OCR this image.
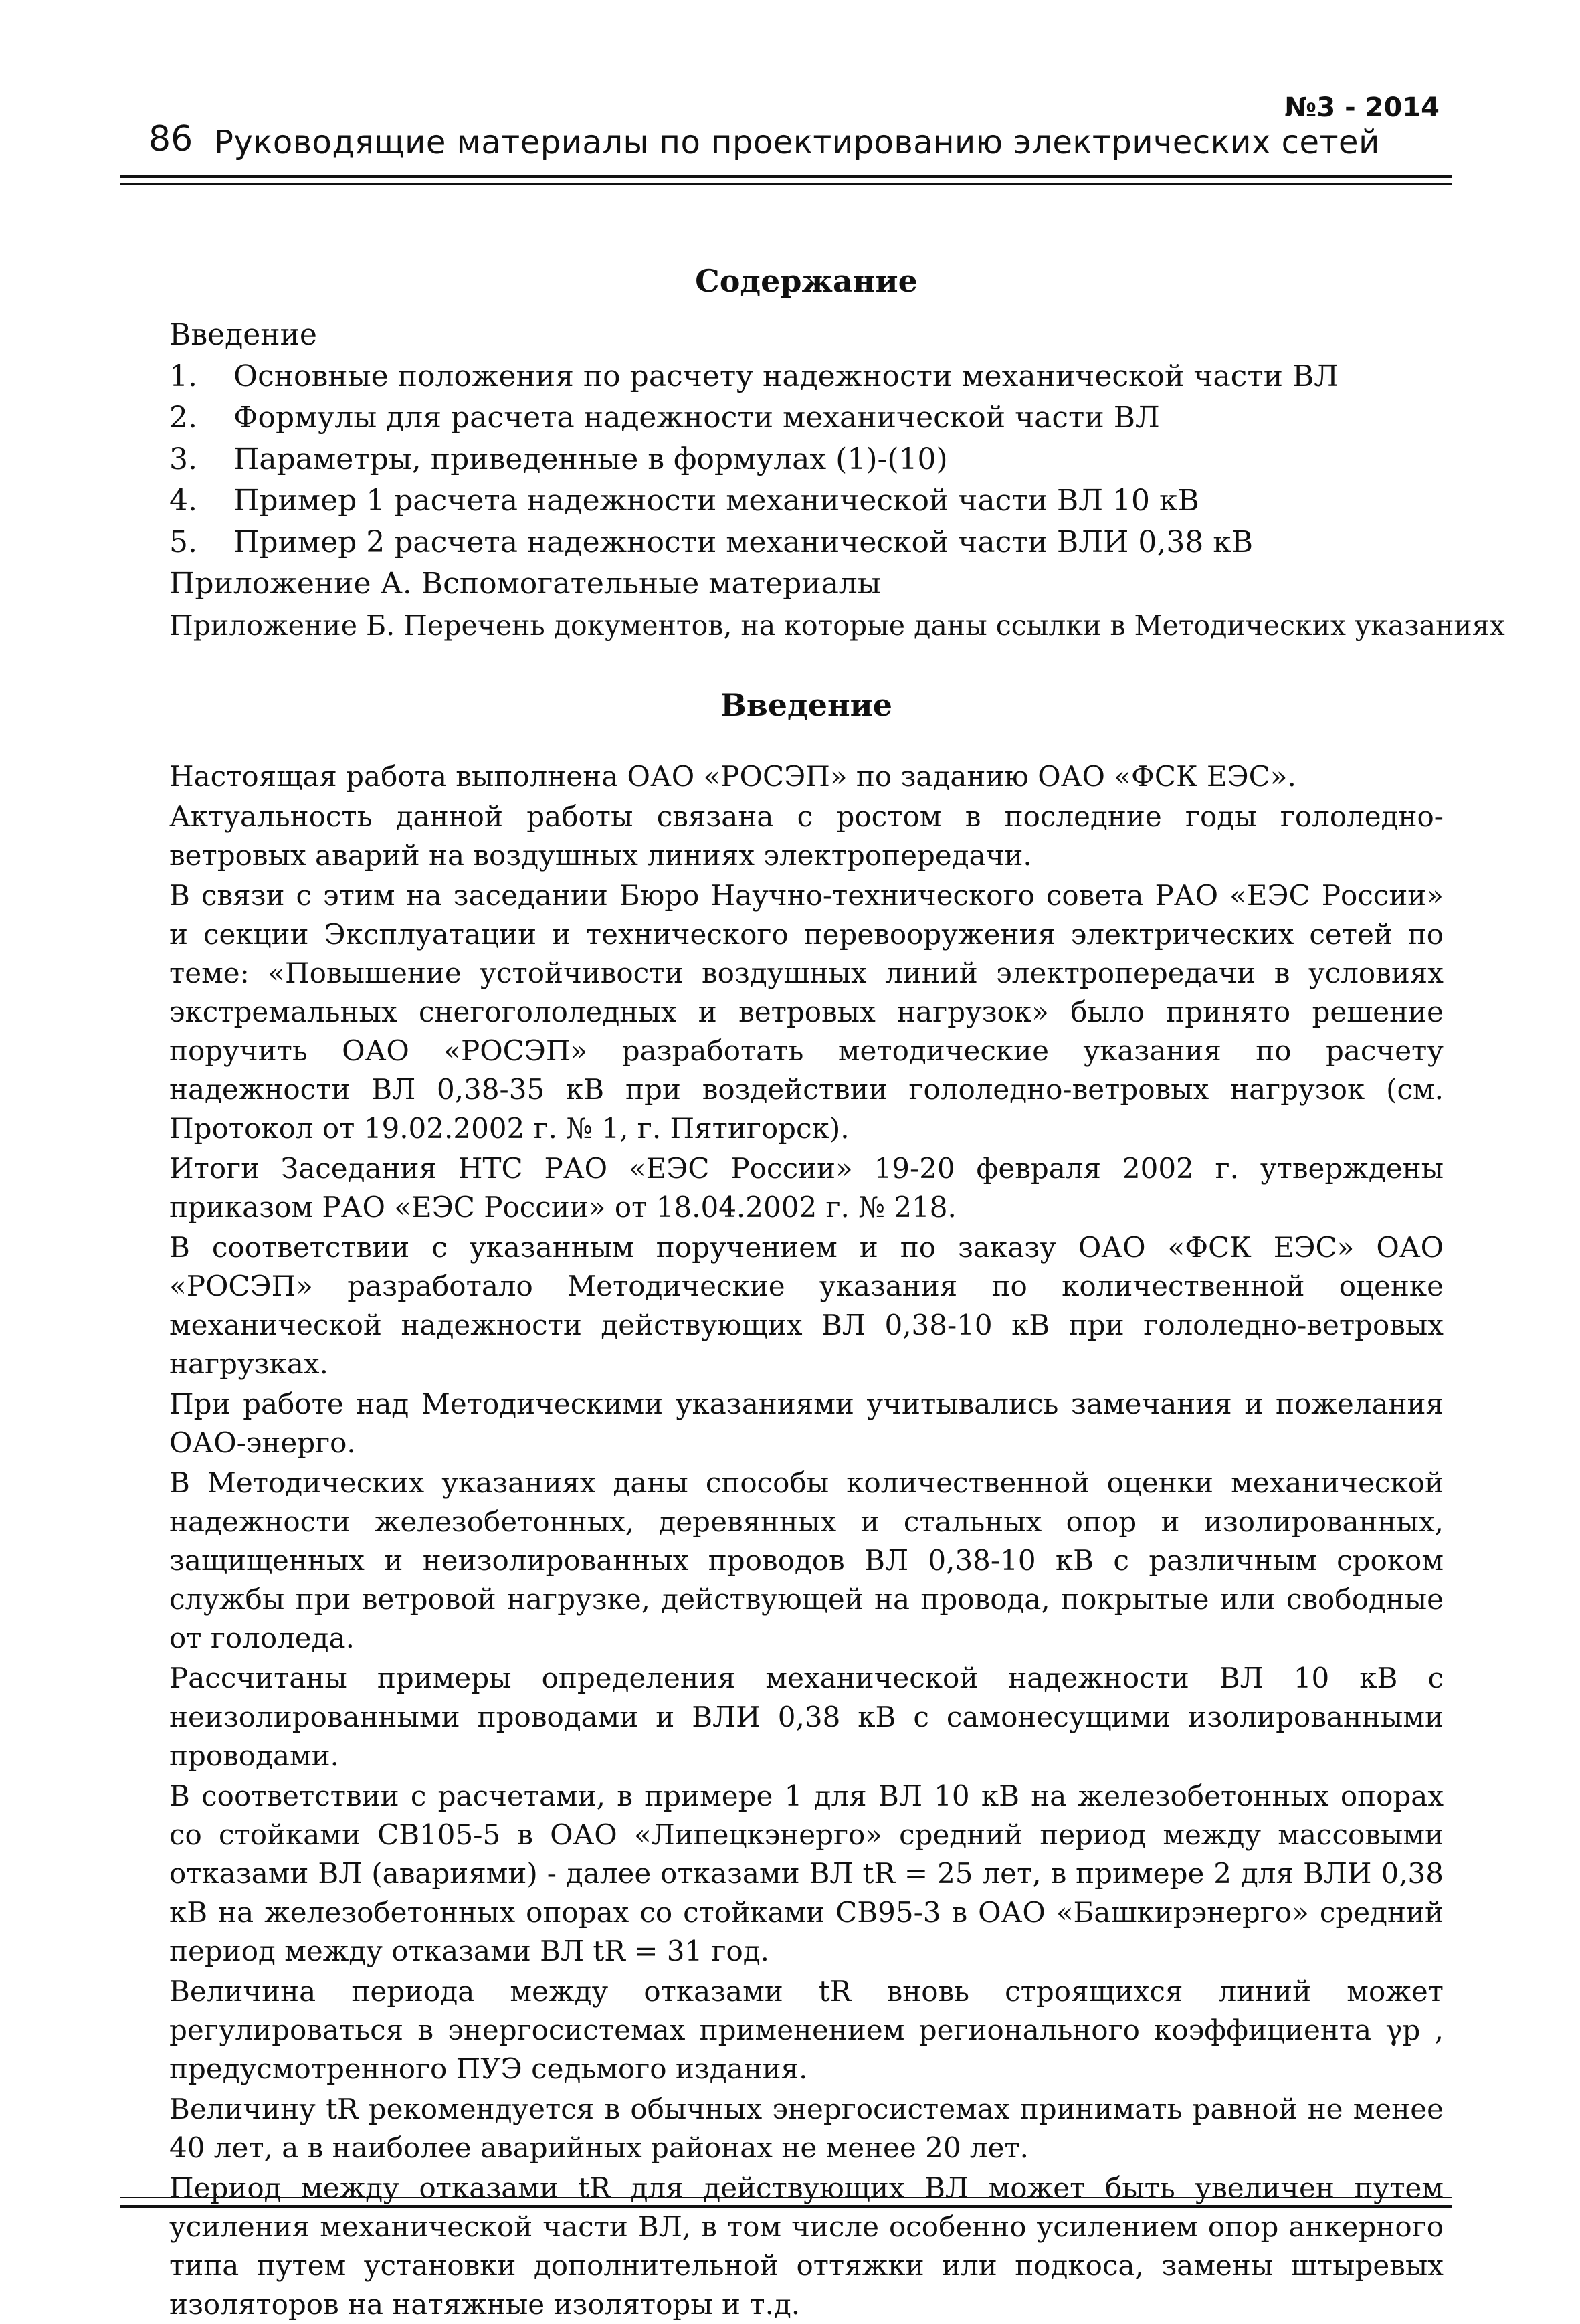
№3 - 2014
86 Руководящие материалы по проектированию электрических сетей
Содержание
Введение
1. Основные положения по расчету надежности механической части ВЛ
2. Формулы для расчета надежности механической части ВЛ
3. Параметры, приведенные в формулах (1)-(10)
4. Пример 1 расчета надежности механической части ВЛ 10 кВ
5. Пример 2 расчета надежности механической части ВЛИ 0,38 кВ
Приложение А. Вспомогательные материалы
Приложение Б. Перечень документов, на которые даны ссылки в Методических указаниях
Введение

Настоящая работа выполнена ОАО «РОСЭП» по заданию ОАО «ФСК ЕЭС».

Актуальность данной работы связана с ростом в последние годы гололедно-ветровых аварий на воздушных линиях электропередачи.

В связи с этим на заседании Бюро Научно-технического совета РАО «ЕЭС России» и секции Эксплуатации и технического перевооружения электрических сетей по теме: «Повышение устойчивости воздушных линий электропередачи в условиях экстремальных снегогололедных и ветровых нагрузок» было принято решение поручить ОАО «РОСЭП» разработать методические указания по расчету надежности ВЛ 0,38-35 кВ при воздействии гололедно-ветровых нагрузок (см. Протокол от 19.02.2002 г. № 1, г. Пятигорск).

Итоги Заседания НТС РАО «ЕЭС России» 19-20 февраля 2002 г. утверждены приказом РАО «ЕЭС России» от 18.04.2002 г. № 218.

В соответствии с указанным поручением и по заказу ОАО «ФСК ЕЭС» ОАО «РОСЭП» разработало Методические указания по количественной оценке механической надежности действующих ВЛ 0,38-10 кВ при гололедно-ветровых нагрузках.

При работе над Методическими указаниями учитывались замечания и пожелания ОАО-энерго.

В Методических указаниях даны способы количественной оценки механической надежности железобетонных, деревянных и стальных опор и изолированных, защищенных и неизолированных проводов ВЛ 0,38-10 кВ с различным сроком службы при ветровой нагрузке, действующей на провода, покрытые или свободные от гололеда.

Рассчитаны примеры определения механической надежности ВЛ 10 кВ с неизолированными проводами и ВЛИ 0,38 кВ с самонесущими изолированными проводами.

В соответствии с расчетами, в примере 1 для ВЛ 10 кВ на железобетонных опорах со стойками СВ105-5 в ОАО «Липецкэнерго» средний период между массовыми отказами ВЛ (авариями) - далее отказами ВЛ tR = 25 лет, в примере 2 для ВЛИ 0,38 кВ на железобетонных опорах со стойками СВ95-3 в ОАО «Башкирэнерго» средний период между отказами ВЛ tR = 31 год.

Величина периода между отказами tR вновь строящихся линий может регулироваться в энергосистемах применением регионального коэффициента γp , предусмотренного ПУЭ седьмого издания.

Величину tR рекомендуется в обычных энергосистемах принимать равной не менее 40 лет, а в наиболее аварийных районах не менее 20 лет.

Период между отказами tR для действующих ВЛ может быть увеличен путем усиления механической части ВЛ, в том числе особенно усилением опор анкерного типа путем установки дополнительной оттяжки или подкоса, замены штыревых изоляторов на натяжные изоляторы и т.д.
